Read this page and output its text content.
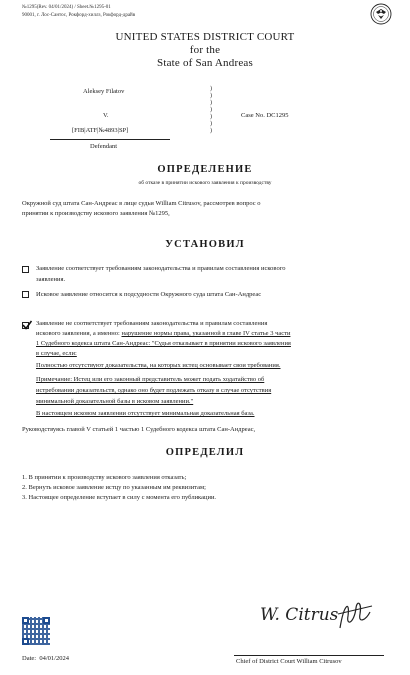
№1295(Rev. 04/01/2024) / Sheet.№1295-01
90001, г. Лос-Сантос, Рокфорд-хиллз, Рокфорд-драйв
UNITED STATES DISTRICT COURT
for the
State of San Andreas
Aleksey Filatov
V.
[FIB|ATF|№4893|SP]
Defendant
)
)
)
)
)
)
)
Case No. DC1295
ОПРЕДЕЛЕНИЕ
об отказе в принятии искового заявления к производству
Окружной суд штата Сан-Андреас в лице судьи William Citrusov, рассмотрев вопрос о
принятии к производству искового заявления №1295,
УСТАНОВИЛ
Заявление соответствует требованиям законодательства и правилам составления искового
заявления.
Исковое заявление относится к подсудности Окружного суда штата Сан-Андреас
Заявление не соответствует требованиям законодательства и правилам составления
искового заявления, а именно: нарушение нормы права, указанной в главе IV статье 3 части
1 Судебного кодекса штата Сан-Андреас: "Судья отказывает в принятии искового заявления
в случае, если:
Полностью отсутствуют доказательства, на которых истец основывает свои требования.
Примечание: Истец или его законный представитель может подать ходатайство об
истребовании доказательств, однако оно будет подлежать отказу в случае отсутствия
минимальной доказательной базы в исковом заявлении."
В настоящем исковом заявлении отсутствует минимальная доказательная база.
Руководствуясь главой V статьей 1 частью 1 Судебного кодекса штата Сан-Андреас,
ОПРЕДЕЛИЛ
1. В принятии к производству искового заявления отказать;
2. Вернуть исковое заявление истцу по указанным им реквизитам;
3. Настоящее определение вступает в силу с момента его публикации.
W. Citrus
Date: 04/01/2024	Chief of District Court William Citrusov
